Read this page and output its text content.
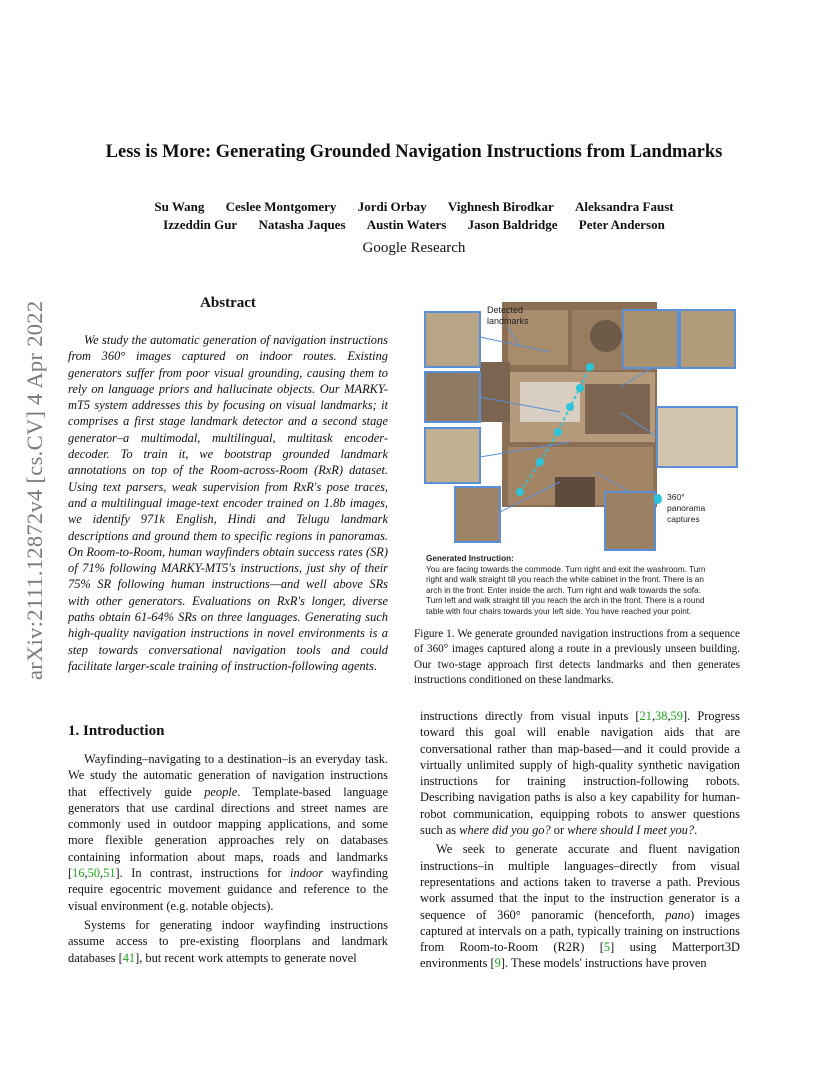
Less is More: Generating Grounded Navigation Instructions from Landmarks
Su Wang Ceslee Montgomery Jordi Orbay Vighnesh Birodkar Aleksandra Faust
Izzeddin Gur Natasha Jaques Austin Waters Jason Baldridge Peter Anderson
Google Research
arXiv:2111.12872v4 [cs.CV] 4 Apr 2022	Abstract

We study the automatic generation of navigation instructions from 360° images captured on indoor routes. Existing generators suffer from poor visual grounding, causing them to rely on language priors and hallucinate objects. Our MARKY-mT5 system addresses this by focusing on visual landmarks; it comprises a first stage landmark detector and a second stage generator–a multimodal, multilingual, multitask encoder-decoder. To train it, we bootstrap grounded landmark annotations on top of the Room-across-Room (RxR) dataset. Using text parsers, weak supervision from RxR's pose traces, and a multilingual image-text encoder trained on 1.8b images, we identify 971k English, Hindi and Telugu landmark descriptions and ground them to specific regions in panoramas. On Room-to-Room, human wayfinders obtain success rates (SR) of 71% following MARKY-MT5's instructions, just shy of their 75% SR following human instructions—and well above SRs with other generators. Evaluations on RxR's longer, diverse paths obtain 61-64% SRs on three languages. Generating such high-quality navigation instructions in novel environments is a step towards conversational navigation tools and could facilitate larger-scale training of instruction-following agents.

1. Introduction

Wayfinding–navigating to a destination–is an everyday task. We study the automatic generation of navigation instructions that effectively guide people. Template-based language generators that use cardinal directions and street names are commonly used in outdoor mapping applications, and some more flexible generation approaches rely on databases containing information about maps, roads and landmarks [16,50,51]. In contrast, instructions for indoor wayfinding require egocentric movement guidance and reference to the visual environment (e.g. notable objects).

Systems for generating indoor wayfinding instructions assume access to pre-existing floorplans and landmark databases [41], but recent work attempts to generate novel

Detected
landmarks
360°
panorama
captures
Generated Instruction:
You are facing towards the commode. Turn right and exit the washroom. Turn
right and walk straight till you reach the white cabinet in the front. There is an
arch in the front. Enter inside the arch. Turn right and walk towards the sofa.
Turn left and walk straight till you reach the arch in the front. There is a round
table with four chairs towards your left side. You have reached your point.
Figure 1. We generate grounded navigation instructions from a sequence of 360° images captured along a route in a previously unseen building. Our two-stage approach first detects landmarks and then generates instructions conditioned on these landmarks.

instructions directly from visual inputs [21,38,59]. Progress toward this goal will enable navigation aids that are conversational rather than map-based—and it could provide a virtually unlimited supply of high-quality synthetic navigation instructions for training instruction-following robots. Describing navigation paths is also a key capability for human-robot communication, equipping robots to answer questions such as where did you go? or where should I meet you?.

We seek to generate accurate and fluent navigation instructions–in multiple languages–directly from visual representations and actions taken to traverse a path. Previous work assumed that the input to the instruction generator is a sequence of 360° panoramic (henceforth, pano) images captured at intervals on a path, typically training on instructions from Room-to-Room (R2R) [5] using Matterport3D environments [9]. These models' instructions have proven
